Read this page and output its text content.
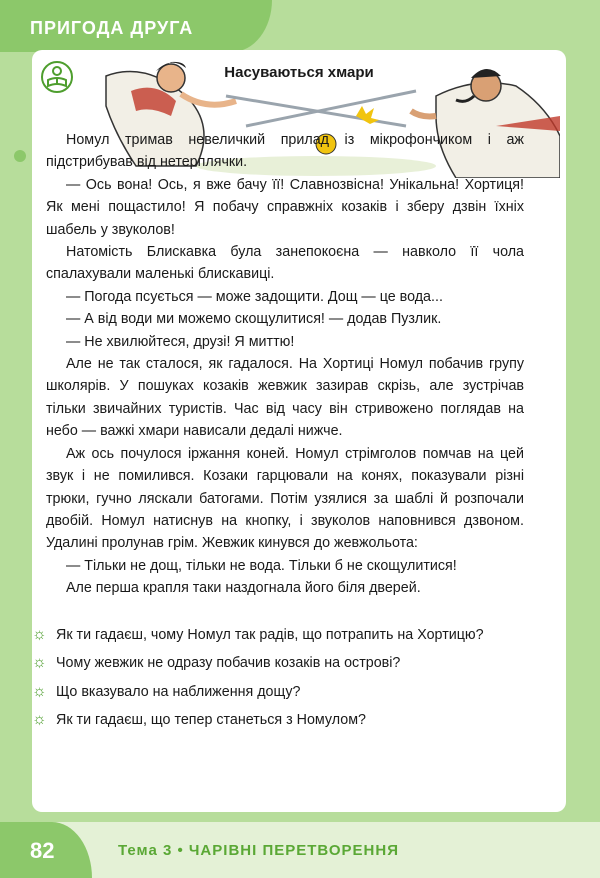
ПРИГОДА ДРУГА
Насуваються хмари

Номул тримав невеличкий прилад із мікрофончиком і аж підстрибував від нетерплячки.

— Ось вона! Ось, я вже бачу її! Славнозвісна! Унікальна! Хортиця! Як мені пощастило! Я побачу справжніх козаків і зберу дзвін їхніх шабель у звуколов!

Натомість Блискавка була занепокоєна — навколо її чола спалахували маленькі блискавиці.

— Погода псується — може задощити. Дощ — це вода...

— А від води ми можемо скощулитися! — додав Пузлик.

— Не хвилюйтеся, друзі! Я миттю!

Але не так сталося, як гадалося. На Хортиці Номул побачив групу школярів. У пошуках козаків жевжик зазирав скрізь, але зустрічав тільки звичайних туристів. Час від часу він стривожено поглядав на небо — важкі хмари нависали дедалі нижче.

Аж ось почулося іржання коней. Номул стрімголов помчав на цей звук і не помилився. Козаки гарцювали на конях, показували різні трюки, гучно ляскали батогами. Потім узялися за шаблі й розпочали двобій. Номул натиснув на кнопку, і звуколов наповнився дзвоном. Удалині пролунав грім. Жевжик кинувся до жевжольота:

— Тільки не дощ, тільки не вода. Тільки б не скощулитися!

Але перша крапля таки наздогнала його біля дверей.

☼ Як ти гадаєш, чому Номул так радів, що потрапить на Хортицю?
☼ Чому жевжик не одразу побачив козаків на острові?
☼ Що вказувало на наближення дощу?
☼ Як ти гадаєш, що тепер станеться з Номулом?
82	Тема 3 • ЧАРІВНІ ПЕРЕТВОРЕННЯ
